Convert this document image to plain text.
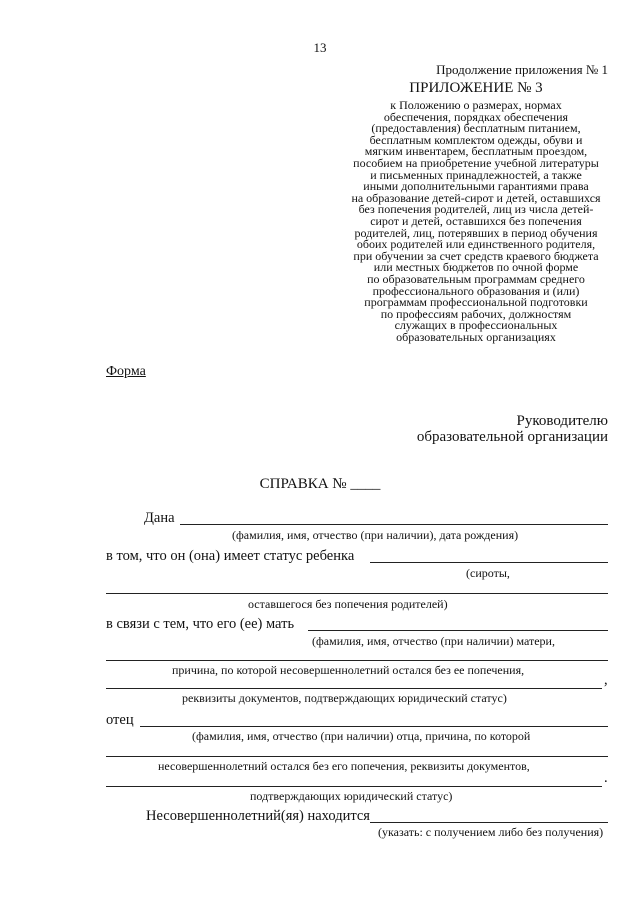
13
Продолжение приложения № 1
ПРИЛОЖЕНИЕ № 3
к Положению о размерах, нормах
обеспечения, порядках обеспечения
(предоставления) бесплатным питанием,
бесплатным комплектом одежды, обуви и
мягким инвентарем, бесплатным проездом,
пособием на приобретение учебной литературы
и письменных принадлежностей, а также
иными дополнительными гарантиями права
на образование детей-сирот и детей, оставшихся
без попечения родителей, лиц из числа детей-
сирот и детей, оставшихся без попечения
родителей, лиц, потерявших в период обучения
обоих родителей или единственного родителя,
при обучении за счет средств краевого бюджета
или местных бюджетов по очной форме
по образовательным программам среднего
профессионального образования и (или)
программам профессиональной подготовки
по профессиям рабочих, должностям
служащих в профессиональных
образовательных организациях
Форма
Руководителю
образовательной организации
СПРАВКА № ____
Дана
(фамилия, имя, отчество (при наличии), дата рождения)
в том, что он (она) имеет статус ребенка
(сироты,
оставшегося без попечения родителей)
в связи с тем, что его (ее) мать
(фамилия, имя, отчество (при наличии) матери,
причина, по которой несовершеннолетний остался без ее попечения,
,
реквизиты документов, подтверждающих юридический статус)
отец
(фамилия, имя, отчество (при наличии) отца, причина, по которой
несовершеннолетний остался без его попечения, реквизиты документов,
.
подтверждающих юридический статус)
Несовершеннолетний(яя) находится
(указать: с получением либо без получения)
